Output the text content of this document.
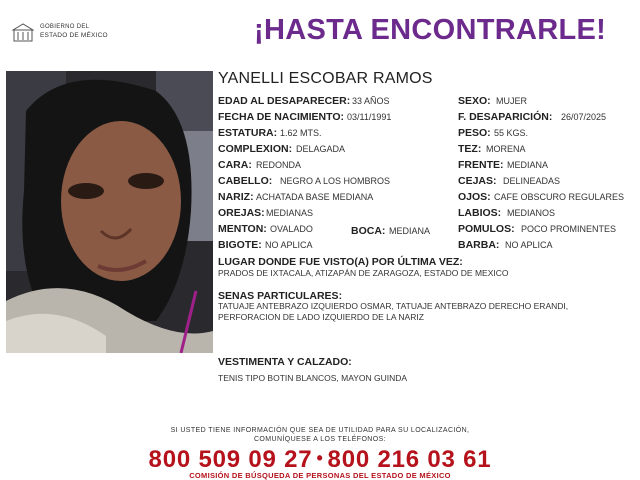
GOBIERNO DEL
ESTADO DE MÉXICO	¡HASTA ENCONTRARLE!
YANELLI ESCOBAR RAMOS
EDAD AL DESAPARECER: 33 AÑOS
FECHA DE NACIMIENTO: 03/11/1991
ESTATURA: 1.62 MTS.
COMPLEXION: DELAGADA
CARA: REDONDA
CABELLO: NEGRO A LOS HOMBROS
NARIZ: ACHATADA BASE MEDIANA
OREJAS: MEDIANAS
MENTON: OVALADO	BOCA: MEDIANA
BIGOTE: NO APLICA
SEXO: MUJER
F. DESAPARICIÓN: 26/07/2025
PESO: 55 KGS.
TEZ: MORENA
FRENTE: MEDIANA
CEJAS: DELINEADAS
OJOS: CAFE OBSCURO REGULARES
LABIOS: MEDIANOS
POMULOS: POCO PROMINENTES
BARBA: NO APLICA
LUGAR DONDE FUE VISTO(A) POR ÚLTIMA VEZ:
PRADOS DE IXTACALA, ATIZAPÁN DE ZARAGOZA, ESTADO DE MEXICO
SENAS PARTICULARES:
TATUAJE ANTEBRAZO IZQUIERDO OSMAR, TATUAJE ANTEBRAZO DERECHO ERANDI,
PERFORACION DE LADO IZQUIERDO DE LA NARIZ
VESTIMENTA Y CALZADO:
TENIS TIPO BOTIN BLANCOS, MAYON GUINDA
SI USTED TIENE INFORMACIÓN QUE SEA DE UTILIDAD PARA SU LOCALIZACIÓN,
COMUNÍQUESE A LOS TELÉFONOS:
800 509 09 27 • 800 216 03 61
COMISIÓN DE BÚSQUEDA DE PERSONAS DEL ESTADO DE MÉXICO
